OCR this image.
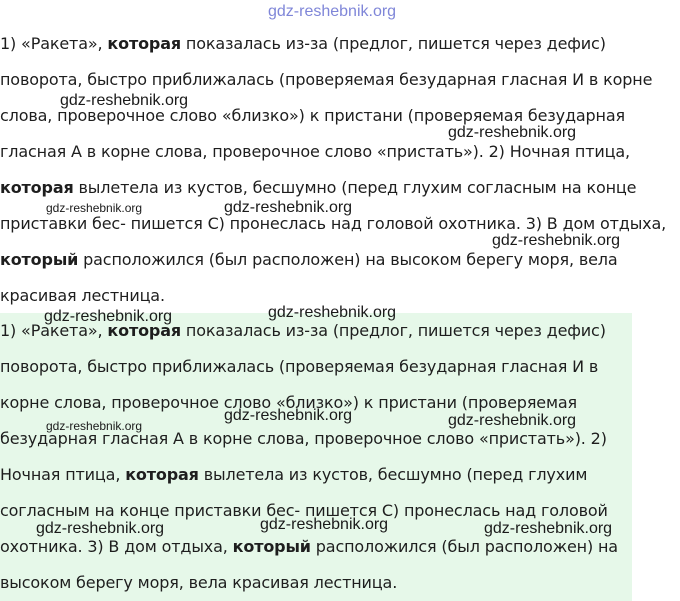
1) «Ракета», которая показалась из-за (предлог, пишется через дефис)
поворота, быстро приближалась (проверяемая безударная гласная И в корне
слова, проверочное слово «близко») к пристани (проверяемая безударная
гласная А в корне слова, проверочное слово «пристать»). 2) Ночная птица,
которая вылетела из кустов, бесшумно (перед глухим согласным на конце
приставки бес- пишется С) пронеслась над головой охотника. 3) В дом отдыха,
который расположился (был расположен) на высоком берегу моря, вела
красивая лестница.
1) «Ракета», которая показалась из-за (предлог, пишется через дефис)
поворота, быстро приближалась (проверяемая безударная гласная И в
корне слова, проверочное слово «близко») к пристани (проверяемая
безударная гласная А в корне слова, проверочное слово «пристать»). 2)
Ночная птица, которая вылетела из кустов, бесшумно (перед глухим
согласным на конце приставки бес- пишется С) пронеслась над головой
охотника. 3) В дом отдыха, который расположился (был расположен) на
высоком берегу моря, вела красивая лестница.
gdz-reshebnik.org
gdz-reshebnik.org
gdz-reshebnik.org
gdz-reshebnik.org	gdz-reshebnik.org
gdz-reshebnik.org
gdz-reshebnik.org
gdz-reshebnik.org
gdz-reshebnik.org	gdz-reshebnik.org
gdz-reshebnik.org
gdz-reshebnik.org	gdz-reshebnik.org	gdz-reshebnik.org
